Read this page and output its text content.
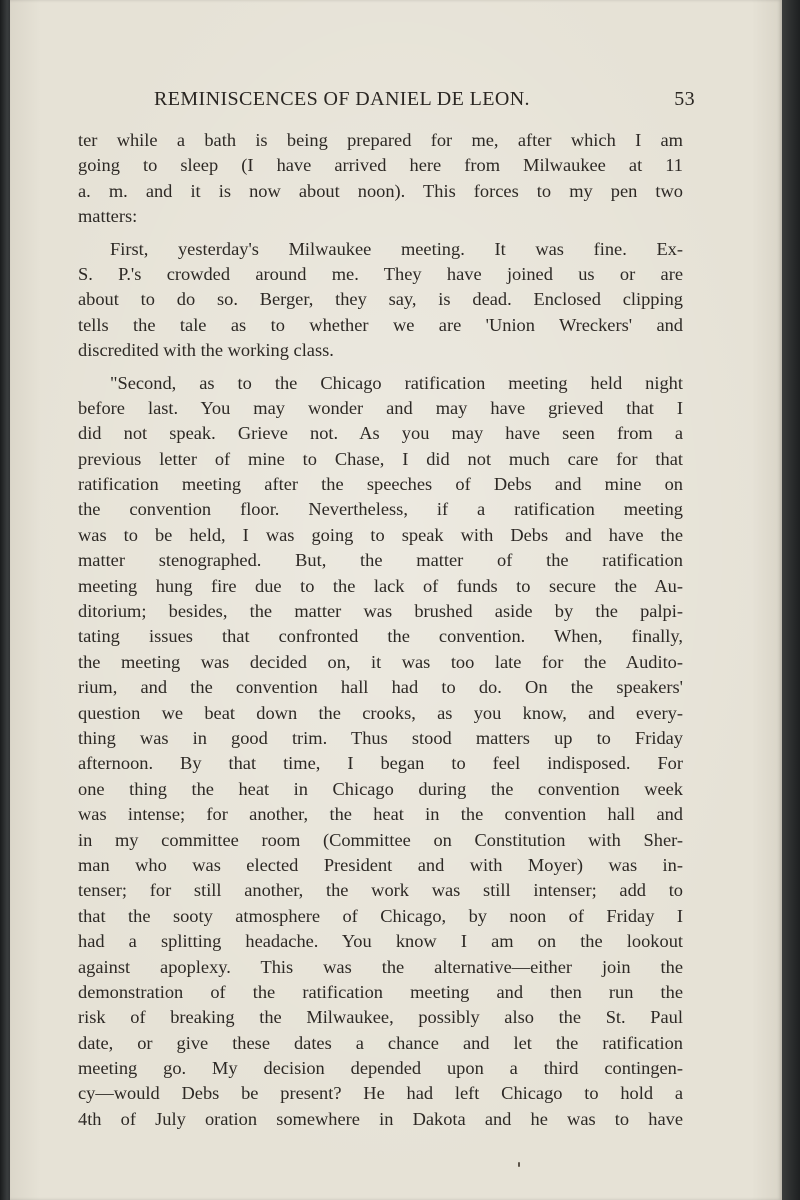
REMINISCENCES OF DANIEL DE LEON.	53
ter while a bath is being prepared for me, after which I am
going to sleep (I have arrived here from Milwaukee at 11
a. m. and it is now about noon). This forces to my pen two
matters:
First, yesterday's Milwaukee meeting. It was fine. Ex-
S. P.'s crowded around me. They have joined us or are
about to do so. Berger, they say, is dead. Enclosed clipping
tells the tale as to whether we are 'Union Wreckers' and
discredited with the working class.
"Second, as to the Chicago ratification meeting held night
before last. You may wonder and may have grieved that I
did not speak. Grieve not. As you may have seen from a
previous letter of mine to Chase, I did not much care for that
ratification meeting after the speeches of Debs and mine on
the convention floor. Nevertheless, if a ratification meeting
was to be held, I was going to speak with Debs and have the
matter stenographed. But, the matter of the ratification
meeting hung fire due to the lack of funds to secure the Au-
ditorium; besides, the matter was brushed aside by the palpi-
tating issues that confronted the convention. When, finally,
the meeting was decided on, it was too late for the Audito-
rium, and the convention hall had to do. On the speakers'
question we beat down the crooks, as you know, and every-
thing was in good trim. Thus stood matters up to Friday
afternoon. By that time, I began to feel indisposed. For
one thing the heat in Chicago during the convention week
was intense; for another, the heat in the convention hall and
in my committee room (Committee on Constitution with Sher-
man who was elected President and with Moyer) was in-
tenser; for still another, the work was still intenser; add to
that the sooty atmosphere of Chicago, by noon of Friday I
had a splitting headache. You know I am on the lookout
against apoplexy. This was the alternative—either join the
demonstration of the ratification meeting and then run the
risk of breaking the Milwaukee, possibly also the St. Paul
date, or give these dates a chance and let the ratification
meeting go. My decision depended upon a third contingen-
cy—would Debs be present? He had left Chicago to hold a
4th of July oration somewhere in Dakota and he was to have
